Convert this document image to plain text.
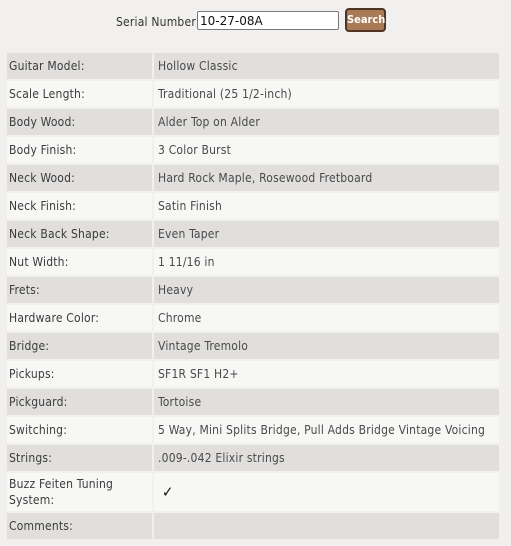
Serial Number
10-27-08A	Search
Guitar Model:	Hollow Classic
Scale Length:	Traditional (25 1/2-inch)
Body Wood:	Alder Top on Alder
Body Finish:	3 Color Burst
Neck Wood:	Hard Rock Maple, Rosewood Fretboard
Neck Finish:	Satin Finish
Neck Back Shape:	Even Taper
Nut Width:	1 11/16 in
Frets:	Heavy
Hardware Color:	Chrome
Bridge:	Vintage Tremolo
Pickups:	SF1R SF1 H2+
Pickguard:	Tortoise
Switching:	5 Way, Mini Splits Bridge, Pull Adds Bridge Vintage Voicing
Strings:	.009-.042 Elixir strings
Buzz Feiten Tuning System:	✓
Comments:	
